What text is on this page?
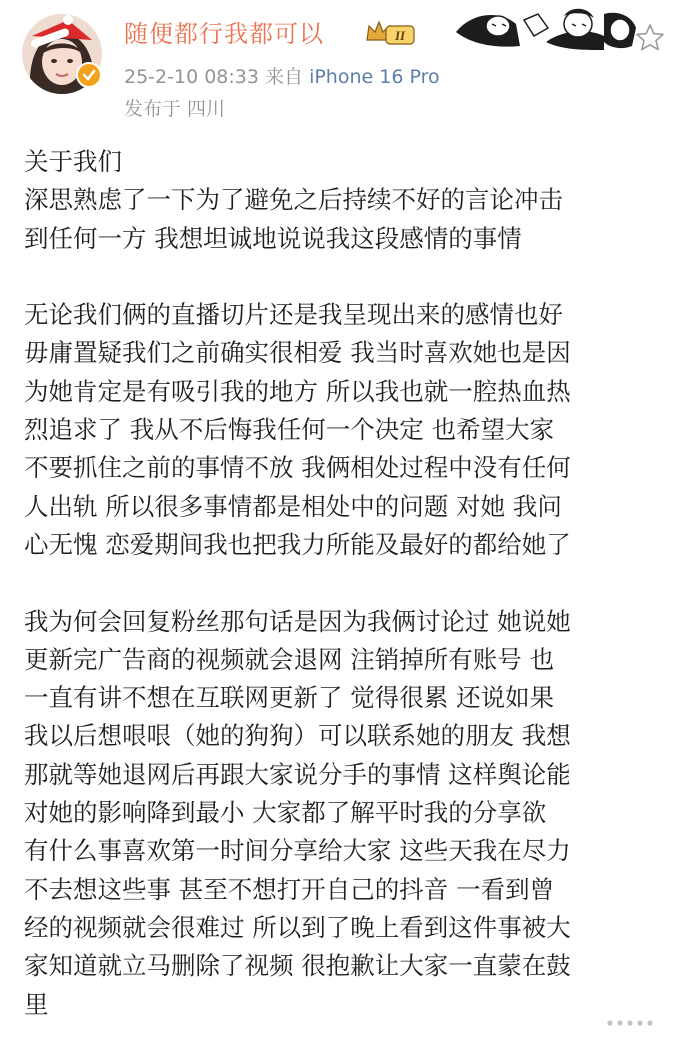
随便都行我都可以	II
25-2-10 08:33 来自 iPhone 16 Pro
发布于 四川

关于我们

深思熟虑了一下为了避免之后持续不好的言论冲击

到任何一方 我想坦诚地说说我这段感情的事情

无论我们俩的直播切片还是我呈现出来的感情也好

毋庸置疑我们之前确实很相爱 我当时喜欢她也是因

为她肯定是有吸引我的地方 所以我也就一腔热血热

烈追求了 我从不后悔我任何一个决定 也希望大家

不要抓住之前的事情不放 我俩相处过程中没有任何

人出轨 所以很多事情都是相处中的问题 对她 我问

心无愧 恋爱期间我也把我力所能及最好的都给她了

我为何会回复粉丝那句话是因为我俩讨论过 她说她

更新完广告商的视频就会退网 注销掉所有账号 也

一直有讲不想在互联网更新了 觉得很累 还说如果

我以后想哏哏（她的狗狗）可以联系她的朋友 我想

那就等她退网后再跟大家说分手的事情 这样舆论能

对她的影响降到最小 大家都了解平时我的分享欲

有什么事喜欢第一时间分享给大家 这些天我在尽力

不去想这些事 甚至不想打开自己的抖音 一看到曾

经的视频就会很难过 所以到了晚上看到这件事被大

家知道就立马删除了视频 很抱歉让大家一直蒙在鼓

里
